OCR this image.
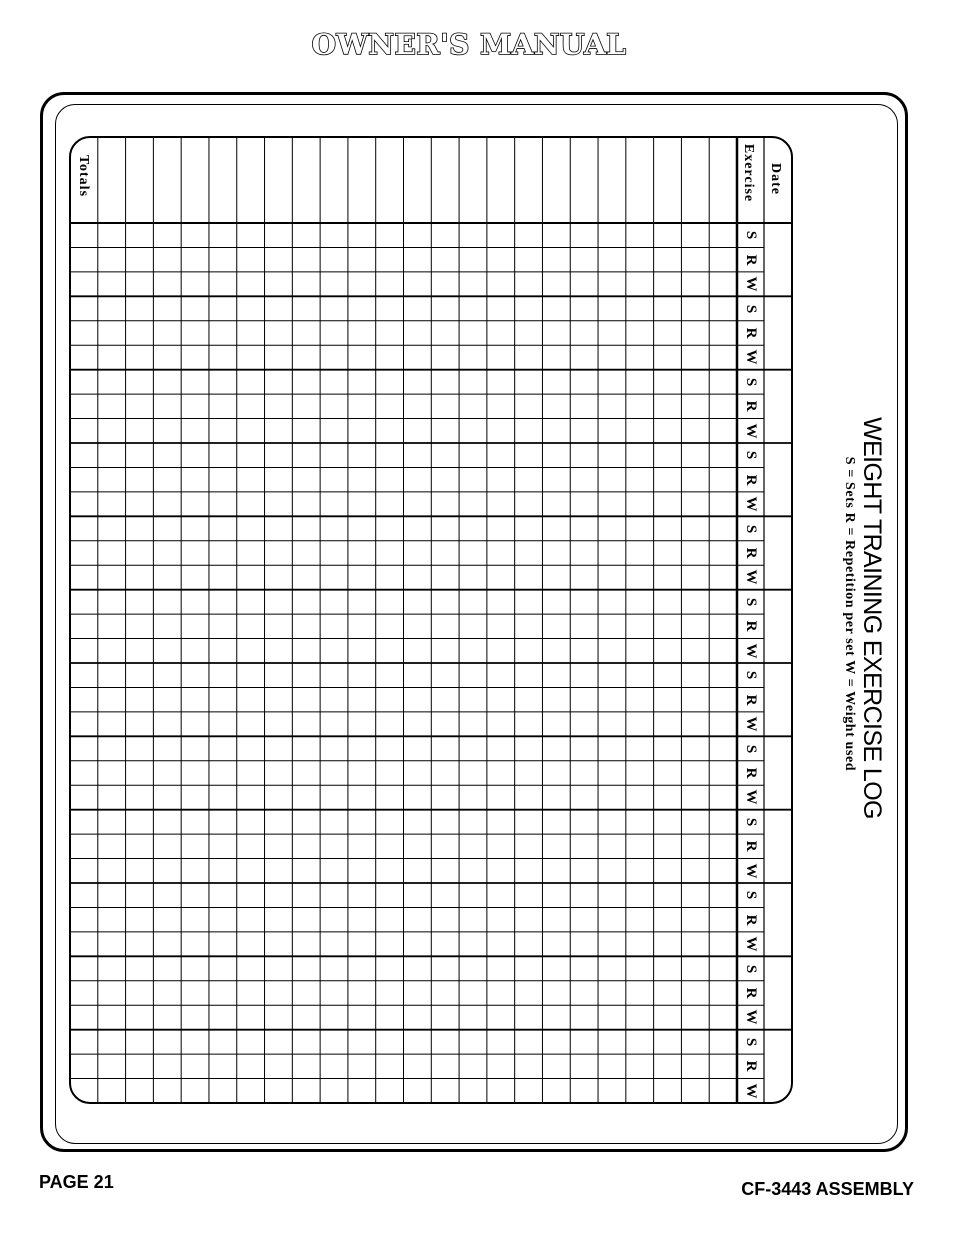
OWNER'S MANUAL
WEIGHT TRAINING EXERCISE LOG
S = Sets R = Repetition per set W = Weight used
Date
Exercise
Totals
S
R
W
S
R
W
S
R
W
S
R
W
S
R
W
S
R
W
S
R
W
S
R
W
S
R
W
S
R
W
S
R
W
S
R
W
PAGE 21	CF-3443 ASSEMBLY
